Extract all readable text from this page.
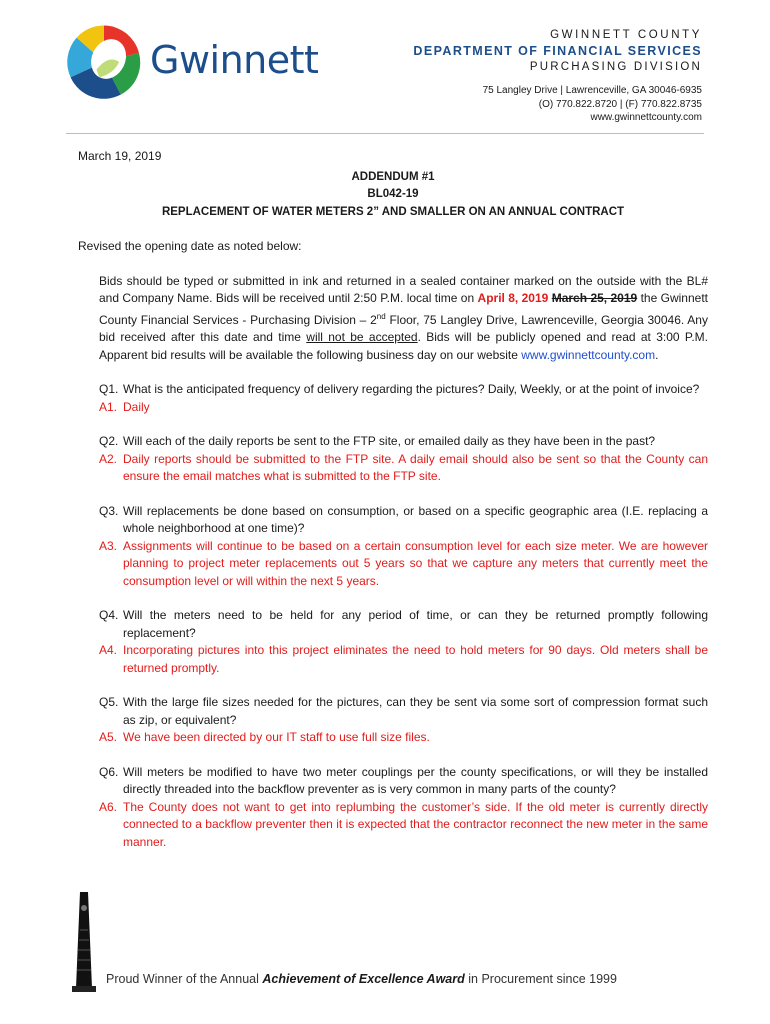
Gwinnett
GWINNETT COUNTY
DEPARTMENT OF FINANCIAL SERVICES
PURCHASING DIVISION
75 Langley Drive | Lawrenceville, GA 30046-6935
(O) 770.822.8720 | (F) 770.822.8735
www.gwinnettcounty.com
March 19, 2019
ADDENDUM #1
BL042-19
REPLACEMENT OF WATER METERS 2” AND SMALLER ON AN ANNUAL CONTRACT
Revised the opening date as noted below:
Bids should be typed or submitted in ink and returned in a sealed container marked on the outside with the BL# and Company Name. Bids will be received until 2:50 P.M. local time on April 8, 2019 March 25, 2019 the Gwinnett County Financial Services - Purchasing Division – 2nd Floor, 75 Langley Drive, Lawrenceville, Georgia 30046. Any bid received after this date and time will not be accepted. Bids will be publicly opened and read at 3:00 P.M. Apparent bid results will be available the following business day on our website www.gwinnettcounty.com.
Q1. What is the anticipated frequency of delivery regarding the pictures? Daily, Weekly, or at the point of invoice?
A1. Daily
Q2. Will each of the daily reports be sent to the FTP site, or emailed daily as they have been in the past?
A2. Daily reports should be submitted to the FTP site. A daily email should also be sent so that the County can ensure the email matches what is submitted to the FTP site.
Q3. Will replacements be done based on consumption, or based on a specific geographic area (I.E. replacing a whole neighborhood at one time)?
A3. Assignments will continue to be based on a certain consumption level for each size meter. We are however planning to project meter replacements out 5 years so that we capture any meters that currently meet the consumption level or will within the next 5 years.
Q4. Will the meters need to be held for any period of time, or can they be returned promptly following replacement?
A4. Incorporating pictures into this project eliminates the need to hold meters for 90 days. Old meters shall be returned promptly.
Q5. With the large file sizes needed for the pictures, can they be sent via some sort of compression format such as zip, or equivalent?
A5. We have been directed by our IT staff to use full size files.
Q6. Will meters be modified to have two meter couplings per the county specifications, or will they be installed directly threaded into the backflow preventer as is very common in many parts of the county?
A6. The County does not want to get into replumbing the customer’s side. If the old meter is currently directly connected to a backflow preventer then it is expected that the contractor reconnect the new meter in the same manner.
Proud Winner of the Annual Achievement of Excellence Award in Procurement since 1999
